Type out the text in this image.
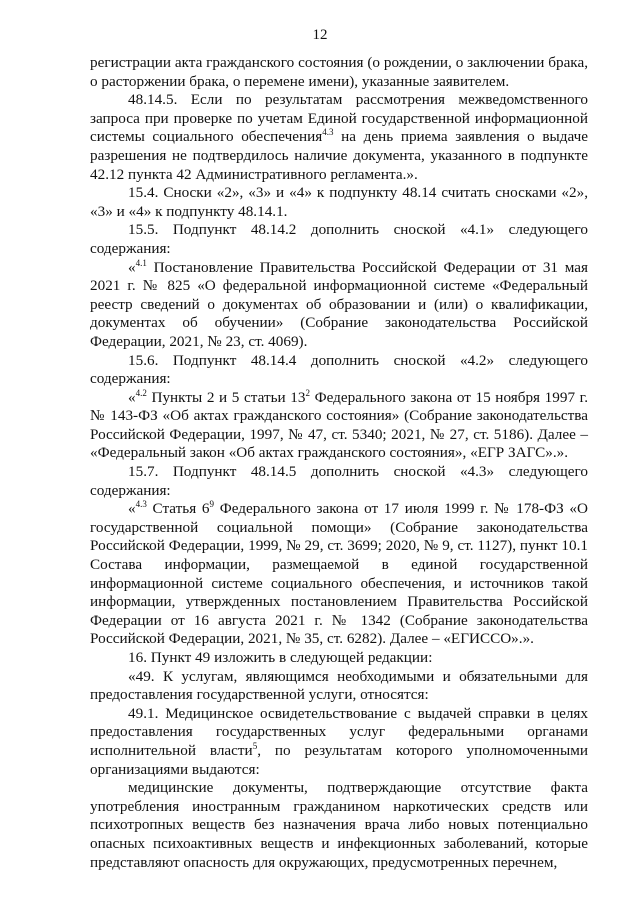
12

регистрации акта гражданского состояния (о рождении, о заключении брака, о расторжении брака, о перемене имени), указанные заявителем.

48.14.5. Если по результатам рассмотрения межведомственного запроса при проверке по учетам Единой государственной информационной системы социального обеспечения$^{4.3}$ на день приема заявления о выдаче разрешения не подтвердилось наличие документа, указанного в подпункте 42.12 пункта 42 Административного регламента.».

15.4. Сноски «2», «3» и «4» к подпункту 48.14 считать сносками «2», «3» и «4» к подпункту 48.14.1.

15.5. Подпункт 48.14.2 дополнить сноской «4.1» следующего содержания:

«$^{4.1}$ Постановление Правительства Российской Федерации от 31 мая 2021 г. № 825 «О федеральной информационной системе «Федеральный реестр сведений о документах об образовании и (или) о квалификации, документах об обучении» (Собрание законодательства Российской Федерации, 2021, № 23, ст. 4069).

15.6. Подпункт 48.14.4 дополнить сноской «4.2» следующего содержания:

«$^{4.2}$ Пункты 2 и 5 статьи $13^2$ Федерального закона от 15 ноября 1997 г. № 143-ФЗ «Об актах гражданского состояния» (Собрание законодательства Российской Федерации, 1997, № 47, ст. 5340; 2021, № 27, ст. 5186). Далее – «Федеральный закон «Об актах гражданского состояния», «ЕГР ЗАГС».».

15.7. Подпункт 48.14.5 дополнить сноской «4.3» следующего содержания:

«$^{4.3}$ Статья $6^9$ Федерального закона от 17 июля 1999 г. № 178-ФЗ «О государственной социальной помощи» (Собрание законодательства Российской Федерации, 1999, № 29, ст. 3699; 2020, № 9, ст. 1127), пункт 10.1 Состава информации, размещаемой в единой государственной информационной системе социального обеспечения, и источников такой информации, утвержденных постановлением Правительства Российской Федерации от 16 августа 2021 г. № 1342 (Собрание законодательства Российской Федерации, 2021, № 35, ст. 6282). Далее – «ЕГИССО».».

16. Пункт 49 изложить в следующей редакции:

«49. К услугам, являющимся необходимыми и обязательными для предоставления государственной услуги, относятся:

49.1. Медицинское освидетельствование с выдачей справки в целях предоставления государственных услуг федеральными органами исполнительной власти$^5$, по результатам которого уполномоченными организациями выдаются:

медицинские документы, подтверждающие отсутствие факта употребления иностранным гражданином наркотических средств или психотропных веществ без назначения врача либо новых потенциально опасных психоактивных веществ и инфекционных заболеваний, которые представляют опасность для окружающих, предусмотренных перечнем,
